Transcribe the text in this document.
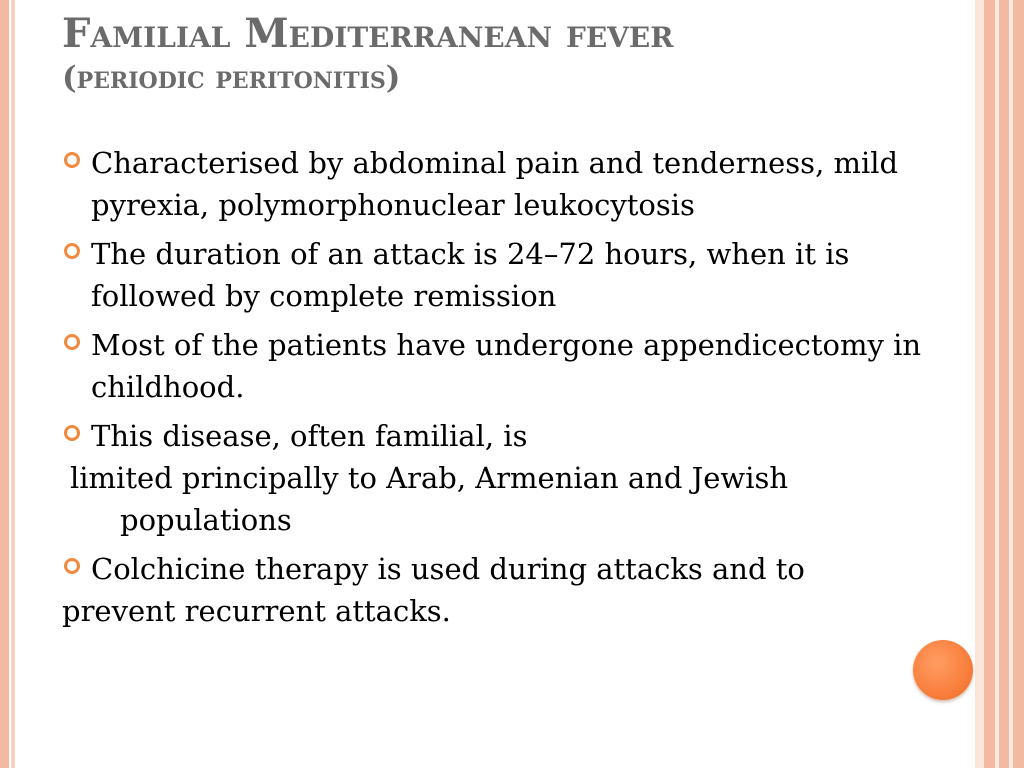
Familial Mediterranean fever
(periodic peritonitis)
Characterised by abdominal pain and tenderness, mild pyrexia, polymorphonuclear leukocytosis
The duration of an attack is 24–72 hours, when it is followed by complete remission
Most of the patients have undergone appendicectomy in childhood.
This disease, often familial, is
limited principally to Arab, Armenian and Jewish populations
Colchicine therapy is used during attacks and to
prevent recurrent attacks.
